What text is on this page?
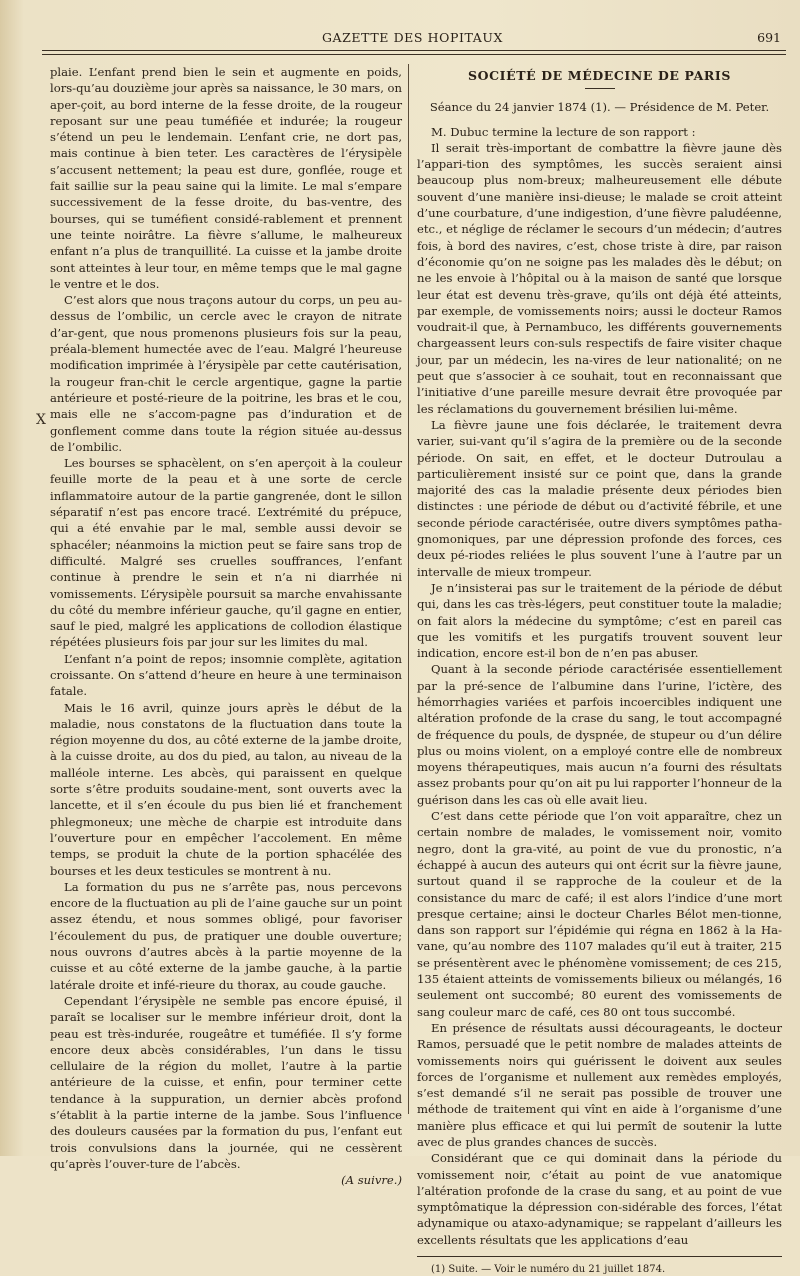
GAZETTE DES HOPITAUX	691
X

plaie. L’enfant prend bien le sein et augmente en poids, lors-qu’au douzième jour après sa naissance, le 30 mars, on aper-çoit, au bord interne de la fesse droite, de la rougeur reposant sur une peau tuméfiée et indurée; la rougeur s’étend un peu le lendemain. L’enfant crie, ne dort pas, mais continue à bien teter. Les caractères de l’érysipèle s’accusent nettement; la peau est dure, gonflée, rouge et fait saillie sur la peau saine qui la limite. Le mal s’empare successivement de la fesse droite, du bas-ventre, des bourses, qui se tuméfient considé-rablement et prennent une teinte noirâtre. La fièvre s’allume, le malheureux enfant n’a plus de tranquillité. La cuisse et la jambe droite sont atteintes à leur tour, en même temps que le mal gagne le ventre et le dos.

C’est alors que nous traçons autour du corps, un peu au-dessus de l’ombilic, un cercle avec le crayon de nitrate d’ar-gent, que nous promenons plusieurs fois sur la peau, préala-blement humectée avec de l’eau. Malgré l’heureuse modification imprimée à l’érysipèle par cette cautérisation, la rougeur fran-chit le cercle argentique, gagne la partie antérieure et posté-rieure de la poitrine, les bras et le cou, mais elle ne s’accom-pagne pas d’induration et de gonflement comme dans toute la région située au-dessus de l’ombilic.

Les bourses se sphacèlent, on s’en aperçoit à la couleur feuille morte de la peau et à une sorte de cercle inflammatoire autour de la partie gangrenée, dont le sillon séparatif n’est pas encore tracé. L’extrémité du prépuce, qui a été envahie par le mal, semble aussi devoir se sphacéler; néanmoins la miction peut se faire sans trop de difficulté. Malgré ses cruelles souffrances, l’enfant continue à prendre le sein et n’a ni diarrhée ni vomissements. L’érysipèle poursuit sa marche envahissante du côté du membre inférieur gauche, qu’il gagne en entier, sauf le pied, malgré les applications de collodion élastique répétées plusieurs fois par jour sur les limites du mal.

L’enfant n’a point de repos; insomnie complète, agitation croissante. On s’attend d’heure en heure à une terminaison fatale.

Mais le 16 avril, quinze jours après le début de la maladie, nous constatons de la fluctuation dans toute la région moyenne du dos, au côté externe de la jambe droite, à la cuisse droite, au dos du pied, au talon, au niveau de la malléole interne. Les abcès, qui paraissent en quelque sorte s’être produits soudaine-ment, sont ouverts avec la lancette, et il s’en écoule du pus bien lié et franchement phlegmoneux; une mèche de charpie est introduite dans l’ouverture pour en empêcher l’accolement. En même temps, se produit la chute de la portion sphacélée des bourses et les deux testicules se montrent à nu.

La formation du pus ne s’arrête pas, nous percevons encore de la fluctuation au pli de l’aine gauche sur un point assez étendu, et nous sommes obligé, pour favoriser l’écoulement du pus, de pratiquer une double ouverture; nous ouvrons d’autres abcès à la partie moyenne de la cuisse et au côté externe de la jambe gauche, à la partie latérale droite et infé-rieure du thorax, au coude gauche.

Cependant l’érysipèle ne semble pas encore épuisé, il paraît se localiser sur le membre inférieur droit, dont la peau est très-indurée, rougeâtre et tuméfiée. Il s’y forme encore deux abcès considérables, l’un dans le tissu cellulaire de la région du mollet, l’autre à la partie antérieure de la cuisse, et enfin, pour terminer cette tendance à la suppuration, un dernier abcès profond s’établit à la partie interne de la jambe. Sous l’influence des douleurs causées par la formation du pus, l’enfant eut trois convulsions dans la journée, qui ne cessèrent qu’après l’ouver-ture de l’abcès.

(A suivre.)

SOCIÉTÉ DE MÉDECINE DE PARIS

Séance du 24 janvier 1874 (1). — Présidence de M. Peter.

M. Dubuc termine la lecture de son rapport :

Il serait très-important de combattre la fièvre jaune dès l’appari-tion des symptômes, les succès seraient ainsi beaucoup plus nom-breux; malheureusement elle débute souvent d’une manière insi-dieuse; le malade se croit atteint d’une courbature, d’une indigestion, d’une fièvre paludéenne, etc., et néglige de réclamer le secours d’un médecin; d’autres fois, à bord des navires, c’est, chose triste à dire, par raison d’économie qu’on ne soigne pas les malades dès le début; on ne les envoie à l’hôpital ou à la maison de santé que lorsque leur état est devenu très-grave, qu’ils ont déjà été atteints, par exemple, de vomissements noirs; aussi le docteur Ramos voudrait-il que, à Pernambuco, les différents gouvernements chargeassent leurs con-suls respectifs de faire visiter chaque jour, par un médecin, les na-vires de leur nationalité; on ne peut que s’associer à ce souhait, tout en reconnaissant que l’initiative d’une pareille mesure devrait être provoquée par les réclamations du gouvernement brésilien lui-même.

La fièvre jaune une fois déclarée, le traitement devra varier, sui-vant qu’il s’agira de la première ou de la seconde période. On sait, en effet, et le docteur Dutroulau a particulièrement insisté sur ce point que, dans la grande majorité des cas la maladie présente deux périodes bien distinctes : une période de début ou d’activité fébrile, et une seconde période caractérisée, outre divers symptômes patha-gnomoniques, par une dépression profonde des forces, ces deux pé-riodes reliées le plus souvent l’une à l’autre par un intervalle de mieux trompeur.

Je n’insisterai pas sur le traitement de la période de début qui, dans les cas très-légers, peut constituer toute la maladie; on fait alors la médecine du symptôme; c’est en pareil cas que les vomitifs et les purgatifs trouvent souvent leur indication, encore est-il bon de n’en pas abuser.

Quant à la seconde période caractérisée essentiellement par la pré-sence de l’albumine dans l’urine, l’ictère, des hémorrhagies variées et parfois incoercibles indiquent une altération profonde de la crase du sang, le tout accompagné de fréquence du pouls, de dyspnée, de stupeur ou d’un délire plus ou moins violent, on a employé contre elle de nombreux moyens thérapeutiques, mais aucun n’a fourni des résultats assez probants pour qu’on ait pu lui rapporter l’honneur de la guérison dans les cas où elle avait lieu.

C’est dans cette période que l’on voit apparaître, chez un certain nombre de malades, le vomissement noir, vomito negro, dont la gra-vité, au point de vue du pronostic, n’a échappé à aucun des auteurs qui ont écrit sur la fièvre jaune, surtout quand il se rapproche de la couleur et de la consistance du marc de café; il est alors l’indice d’une mort presque certaine; ainsi le docteur Charles Bélot men-tionne, dans son rapport sur l’épidémie qui régna en 1862 à la Ha-vane, qu’au nombre des 1107 malades qu’il eut à traiter, 215 se présentèrent avec le phénomène vomissement; de ces 215, 135 étaient atteints de vomissements bilieux ou mélangés, 16 seulement ont succombé; 80 eurent des vomissements de sang couleur marc de café, ces 80 ont tous succombé.

En présence de résultats aussi décourageants, le docteur Ramos, persuadé que le petit nombre de malades atteints de vomissements noirs qui guérissent le doivent aux seules forces de l’organisme et nullement aux remèdes employés, s’est demandé s’il ne serait pas possible de trouver une méthode de traitement qui vînt en aide à l’organisme d’une manière plus efficace et qui lui permît de soutenir la lutte avec de plus grandes chances de succès.

Considérant que ce qui dominait dans la période du vomissement noir, c’était au point de vue anatomique l’altération profonde de la crase du sang, et au point de vue symptômatique la dépression con-sidérable des forces, l’état adynamique ou ataxo-adynamique; se rappelant d’ailleurs les excellents résultats que les applications d’eau

(1) Suite. — Voir le numéro du 21 juillet 1874.
